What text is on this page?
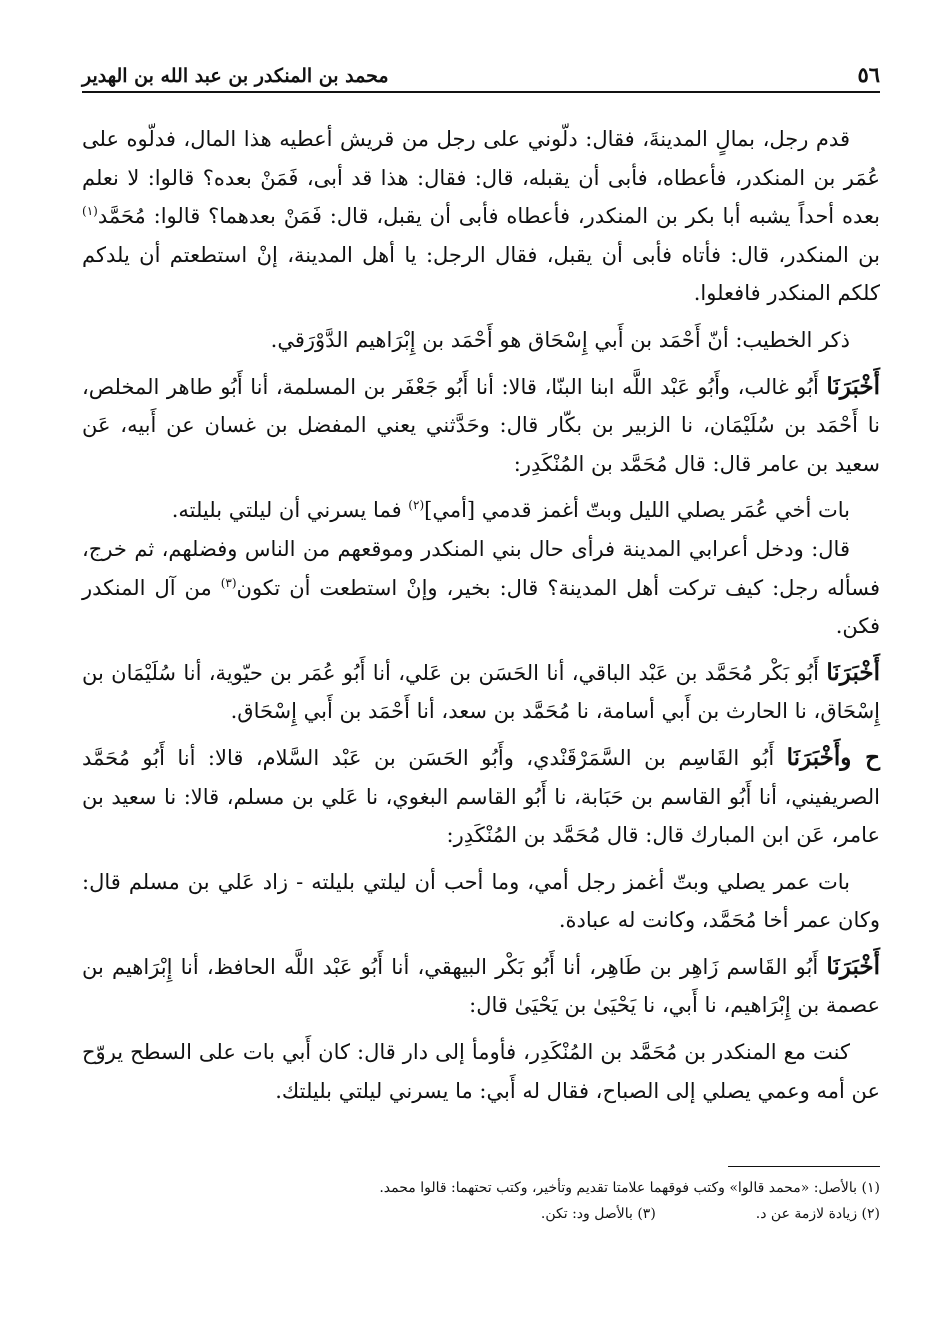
٥٦
محمد بن المنكدر بن عبد الله بن الهدير

قدم رجل، بمالٍ المدينةَ، فقال: دلّوني على رجل من قريش أعطيه هذا المال، فدلّوه على عُمَر بن المنكدر، فأعطاه، فأبى أن يقبله، قال: فقال: هذا قد أبى، فَمَنْ بعده؟ قالوا: لا نعلم بعده أحداً يشبه أبا بكر بن المنكدر، فأعطاه فأبى أن يقبل، قال: فَمَنْ بعدهما؟ قالوا: مُحَمَّد$^{(١)}$ بن المنكدر، قال: فأتاه فأبى أن يقبل، فقال الرجل: يا أهل المدينة، إنْ استطعتم أن يلدكم كلكم المنكدر فافعلوا.

ذكر الخطيب: أنّ أَحْمَد بن أَبي إِسْحَاق هو أَحْمَد بن إِبْرَاهيم الدَّوْرَقي.

أَخْبَرَنَا أَبُو غالب، وأَبُو عَبْد اللَّه ابنا البنّا، قالا: أنا أَبُو جَعْفَر بن المسلمة، أنا أَبُو طاهر المخلص، نا أَحْمَد بن سُلَيْمَان، نا الزبير بن بكّار قال: وحَدَّثني يعني المفضل بن غسان عن أَبيه، عَن سعيد بن عامر قال: قال مُحَمَّد بن المُنْكَدِر:

بات أخي عُمَر يصلي الليل وبتّ أغمز قدمي [أمي]$^{(٢)}$ فما يسرني أن ليلتي بليلته.

قال: ودخل أعرابي المدينة فرأى حال بني المنكدر وموقعهم من الناس وفضلهم، ثم خرج، فسأله رجل: كيف تركت أهل المدينة؟ قال: بخير، وإنْ استطعت أن تكون$^{(٣)}$ من آل المنكدر فكن.

أَخْبَرَنَا أَبُو بَكْر مُحَمَّد بن عَبْد الباقي، أنا الحَسَن بن عَلي، أنا أَبُو عُمَر بن حيّوية، أنا سُلَيْمَان بن إِسْحَاق، نا الحارث بن أَبي أسامة، نا مُحَمَّد بن سعد، أنا أَحْمَد بن أَبي إِسْحَاق.

ح وأَخْبَرَنَا أَبُو القَاسِم بن السَّمَرْقَنْدي، وأَبُو الحَسَن بن عَبْد السَّلام، قالا: أنا أَبُو مُحَمَّد الصريفيني، أنا أَبُو القاسم بن حَبَابة، نا أَبُو القاسم البغوي، نا عَلي بن مسلم، قالا: نا سعيد بن عامر، عَن ابن المبارك قال: قال مُحَمَّد بن المُنْكَدِر:

بات عمر يصلي وبتّ أغمز رجل أمي، وما أحب أن ليلتي بليلته - زاد عَلي بن مسلم قال: وكان عمر أخا مُحَمَّد، وكانت له عبادة.

أَخْبَرَنَا أَبُو القَاسم زَاهِر بن طَاهِر، أنا أَبُو بَكْر البيهقي، أنا أَبُو عَبْد اللَّه الحافظ، أنا إِبْرَاهيم بن عصمة بن إِبْرَاهيم، نا أَبي، نا يَحْيَىٰ بن يَحْيَىٰ قال:

كنت مع المنكدر بن مُحَمَّد بن المُنْكَدِر، فأومأ إلى دار قال: كان أَبي بات على السطح يروّح عن أمه وعمي يصلي إلى الصباح، فقال له أَبي: ما يسرني ليلتي بليلتك.

(١) بالأصل: «محمد قالوا» وكتب فوقهما علامتا تقديم وتأخير، وكتب تحتهما: قالوا محمد.

(٢) زيادة لازمة عن د.
(٣) بالأصل ود: تكن.
